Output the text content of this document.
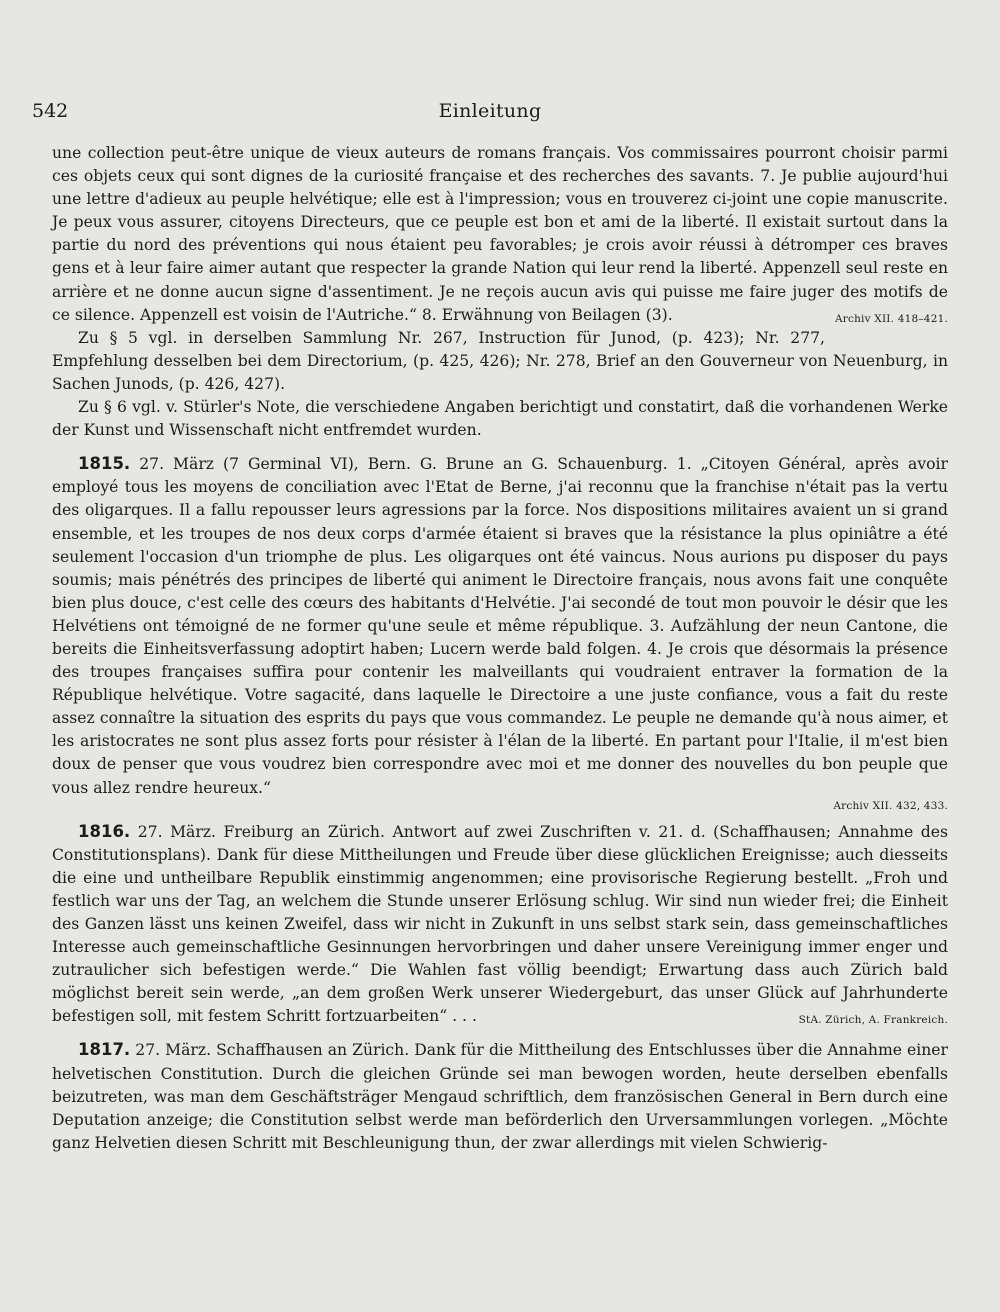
542	Einleitung

une collection peut-être unique de vieux auteurs de romans français. Vos commissaires pourront choisir parmi ces objets ceux qui sont dignes de la curiosité française et des recherches des savants. 7. Je publie aujourd'hui une lettre d'adieux au peuple helvétique; elle est à l'impression; vous en trouverez ci-joint une copie manuscrite. Je peux vous assurer, citoyens Directeurs, que ce peuple est bon et ami de la liberté. Il existait surtout dans la partie du nord des préventions qui nous étaient peu favorables; je crois avoir réussi à détromper ces braves gens et à leur faire aimer autant que respecter la grande Nation qui leur rend la liberté. Appenzell seul reste en arrière et ne donne aucun signe d'assentiment. Je ne reçois aucun avis qui puisse me faire juger des motifs de ce silence. Appenzell est voisin de l'Autriche.“ 8. Erwähnung von Beilagen (3).	Archiv XII. 418–421.

Zu § 5 vgl. in derselben Sammlung Nr. 267, Instruction für Junod, (p. 423); Nr. 277, Empfehlung desselben bei dem Directorium, (p. 425, 426); Nr. 278, Brief an den Gouverneur von Neuenburg, in Sachen Junods, (p. 426, 427).

Zu § 6 vgl. v. Stürler's Note, die verschiedene Angaben berichtigt und constatirt, daß die vorhandenen Werke der Kunst und Wissenschaft nicht entfremdet wurden.

1815. 27. März (7 Germinal VI), Bern. G. Brune an G. Schauenburg. 1. „Citoyen Général, après avoir employé tous les moyens de conciliation avec l'Etat de Berne, j'ai reconnu que la franchise n'était pas la vertu des oligarques. Il a fallu repousser leurs agressions par la force. Nos dispositions militaires avaient un si grand ensemble, et les troupes de nos deux corps d'armée étaient si braves que la résistance la plus opiniâtre a été seulement l'occasion d'un triomphe de plus. Les oligarques ont été vaincus. Nous aurions pu disposer du pays soumis; mais pénétrés des principes de liberté qui animent le Directoire français, nous avons fait une conquête bien plus douce, c'est celle des cœurs des habitants d'Helvétie. J'ai secondé de tout mon pouvoir le désir que les Helvétiens ont témoigné de ne former qu'une seule et même république. 3. Aufzählung der neun Cantone, die bereits die Einheitsverfassung adoptirt haben; Lucern werde bald folgen. 4. Je crois que désormais la présence des troupes françaises suffira pour contenir les malveillants qui voudraient entraver la formation de la République helvétique. Votre sagacité, dans laquelle le Directoire a une juste confiance, vous a fait du reste assez connaître la situation des esprits du pays que vous commandez. Le peuple ne demande qu'à nous aimer, et les aristocrates ne sont plus assez forts pour résister à l'élan de la liberté. En partant pour l'Italie, il m'est bien doux de penser que vous voudrez bien correspondre avec moi et me donner des nouvelles du bon peuple que vous allez rendre heureux.“

Archiv XII. 432, 433.

1816. 27. März. Freiburg an Zürich. Antwort auf zwei Zuschriften v. 21. d. (Schaffhausen; Annahme des Constitutionsplans). Dank für diese Mittheilungen und Freude über diese glücklichen Ereignisse; auch diesseits die eine und untheilbare Republik einstimmig angenommen; eine provisorische Regierung bestellt. „Froh und festlich war uns der Tag, an welchem die Stunde unserer Erlösung schlug. Wir sind nun wieder frei; die Einheit des Ganzen lässt uns keinen Zweifel, dass wir nicht in Zukunft in uns selbst stark sein, dass gemeinschaftliches Interesse auch gemeinschaftliche Gesinnungen hervorbringen und daher unsere Vereinigung immer enger und zutraulicher sich befestigen werde.“ Die Wahlen fast völlig beendigt; Erwartung dass auch Zürich bald möglichst bereit sein werde, „an dem großen Werk unserer Wiedergeburt, das unser Glück auf Jahrhunderte befestigen soll, mit festem Schritt fortzuarbeiten“ . . .	StA. Zürich, A. Frankreich.

1817. 27. März. Schaffhausen an Zürich. Dank für die Mittheilung des Entschlusses über die Annahme einer helvetischen Constitution. Durch die gleichen Gründe sei man bewogen worden, heute derselben ebenfalls beizutreten, was man dem Geschäftsträger Mengaud schriftlich, dem französischen General in Bern durch eine Deputation anzeige; die Constitution selbst werde man beförderlich den Urversammlungen vorlegen. „Möchte ganz Helvetien diesen Schritt mit Beschleunigung thun, der zwar allerdings mit vielen Schwierig-
